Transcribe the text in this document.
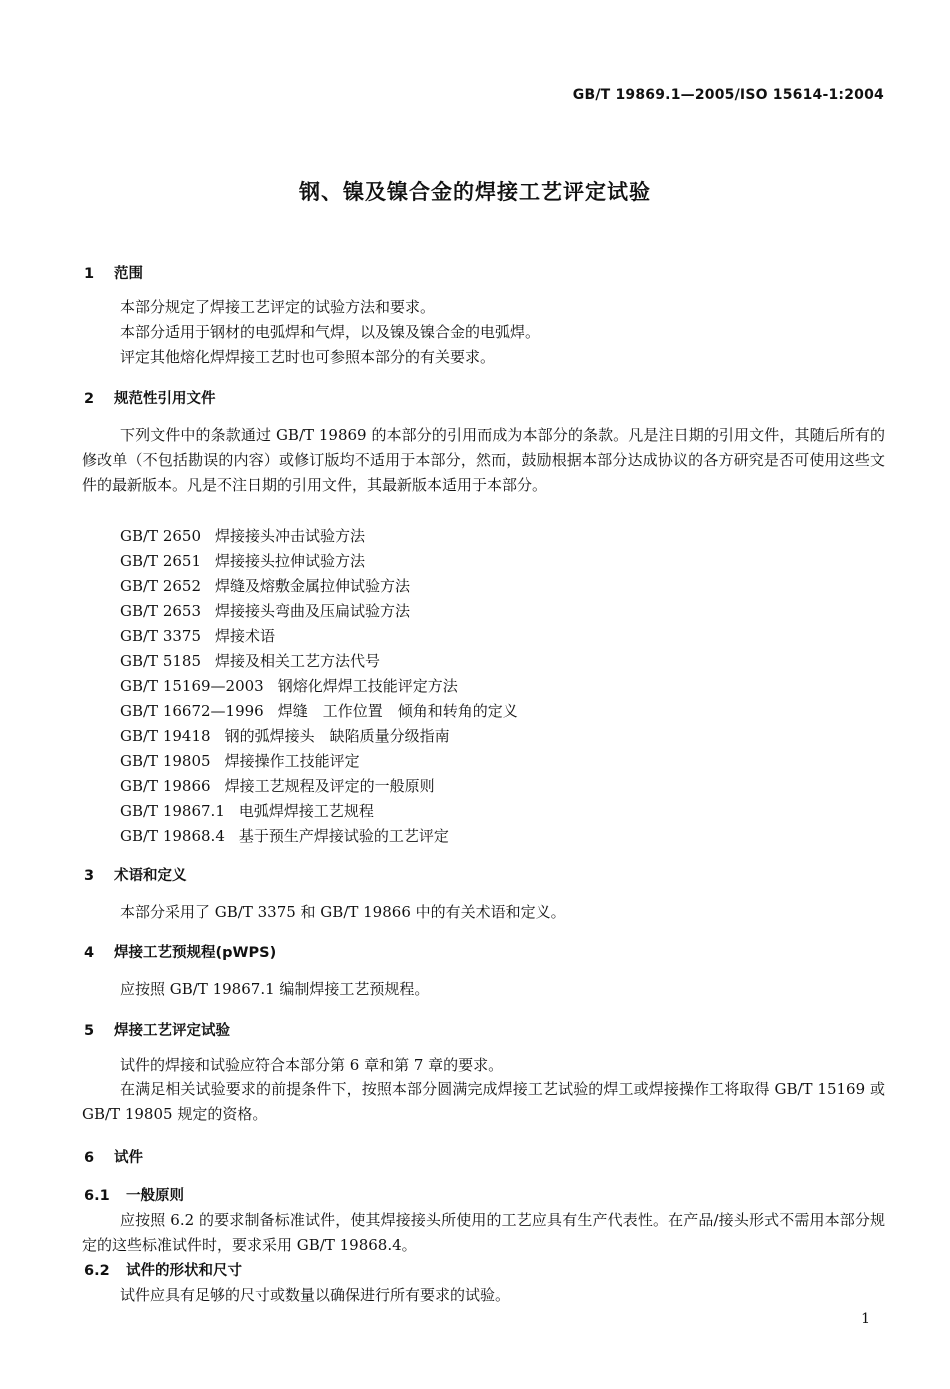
GB/T 19869.1—2005/ISO 15614-1:2004
钢、镍及镍合金的焊接工艺评定试验
1 范围
本部分规定了焊接工艺评定的试验方法和要求。
本部分适用于钢材的电弧焊和气焊，以及镍及镍合金的电弧焊。
评定其他熔化焊焊接工艺时也可参照本部分的有关要求。
2 规范性引用文件
下列文件中的条款通过 GB/T 19869 的本部分的引用而成为本部分的条款。凡是注日期的引用文件，其随后所有的修改单（不包括勘误的内容）或修订版均不适用于本部分，然而，鼓励根据本部分达成协议的各方研究是否可使用这些文件的最新版本。凡是不注日期的引用文件，其最新版本适用于本部分。
GB/T 2650 焊接接头冲击试验方法
GB/T 2651 焊接接头拉伸试验方法
GB/T 2652 焊缝及熔敷金属拉伸试验方法
GB/T 2653 焊接接头弯曲及压扁试验方法
GB/T 3375 焊接术语
GB/T 5185 焊接及相关工艺方法代号
GB/T 15169—2003 钢熔化焊焊工技能评定方法
GB/T 16672—1996 焊缝　工作位置　倾角和转角的定义
GB/T 19418 钢的弧焊接头　缺陷质量分级指南
GB/T 19805 焊接操作工技能评定
GB/T 19866 焊接工艺规程及评定的一般原则
GB/T 19867.1 电弧焊焊接工艺规程
GB/T 19868.4 基于预生产焊接试验的工艺评定
3 术语和定义
本部分采用了 GB/T 3375 和 GB/T 19866 中的有关术语和定义。
4 焊接工艺预规程(pWPS)
应按照 GB/T 19867.1 编制焊接工艺预规程。
5 焊接工艺评定试验
试件的焊接和试验应符合本部分第 6 章和第 7 章的要求。
在满足相关试验要求的前提条件下，按照本部分圆满完成焊接工艺试验的焊工或焊接操作工将取得 GB/T 15169 或 GB/T 19805 规定的资格。
6 试件
6.1 一般原则
应按照 6.2 的要求制备标准试件，使其焊接接头所使用的工艺应具有生产代表性。在产品/接头形式不需用本部分规定的这些标准试件时，要求采用 GB/T 19868.4。
6.2 试件的形状和尺寸
试件应具有足够的尺寸或数量以确保进行所有要求的试验。
1
